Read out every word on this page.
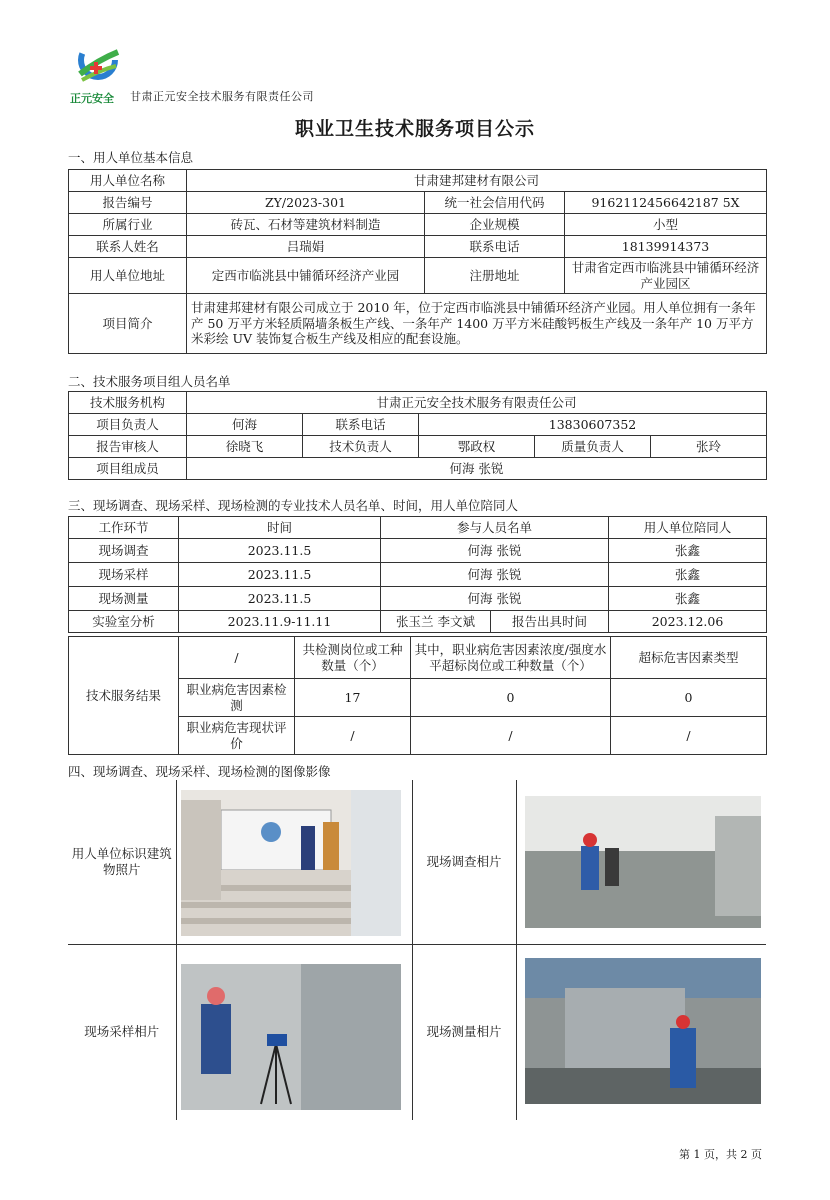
正元安全 甘肃正元安全技术服务有限责任公司
职业卫生技术服务项目公示
一、用人单位基本信息
用人单位名称	甘肃建邦建材有限公司		
报告编号	ZY/2023-301	统一社会信用代码	9162112456642187 5X
所属行业	砖瓦、石材等建筑材料制造	企业规模	小型
联系人姓名	吕瑞娟	联系电话	18139914373
用人单位地址	定西市临洮县中铺循环经济产业园	注册地址	甘肃省定西市临洮县中铺循环经济产业园区
项目简介	甘肃建邦建材有限公司成立于 2010 年，位于定西市临洮县中铺循环经济产业园。用人单位拥有一条年产 50 万平方米轻质隔墙条板生产线、一条年产 1400 万平方米硅酸钙板生产线及一条年产 10 万平方米彩绘 UV 装饰复合板生产线及相应的配套设施。		
二、技术服务项目组人员名单
技术服务机构	甘肃正元安全技术服务有限责任公司				
项目负责人	何海	联系电话	13830607352		
报告审核人	徐晓飞	技术负责人	鄂政权	质量负责人	张玲
项目组成员	何海 张锐				
三、现场调查、现场采样、现场检测的专业技术人员名单、时间，用人单位陪同人
工作环节	时间	参与人员名单		用人单位陪同人
现场调查	2023.11.5	何海 张锐		张鑫
现场采样	2023.11.5	何海 张锐		张鑫
现场测量	2023.11.5	何海 张锐		张鑫
实验室分析	2023.11.9-11.11	张玉兰 李文斌	报告出具时间	2023.12.06
技术服务结果	/	共检测岗位或工种数量（个）	其中，职业病危害因素浓度/强度水平超标岗位或工种数量（个）	超标危害因素类型
	职业病危害因素检测	17	0	0
	职业病危害现状评价	/	/	/
四、现场调查、现场采样、现场检测的图像影像
用人单位标识建筑物照片		现场调查相片	
现场采样相片		现场测量相片	
第 1 页，共 2 页
